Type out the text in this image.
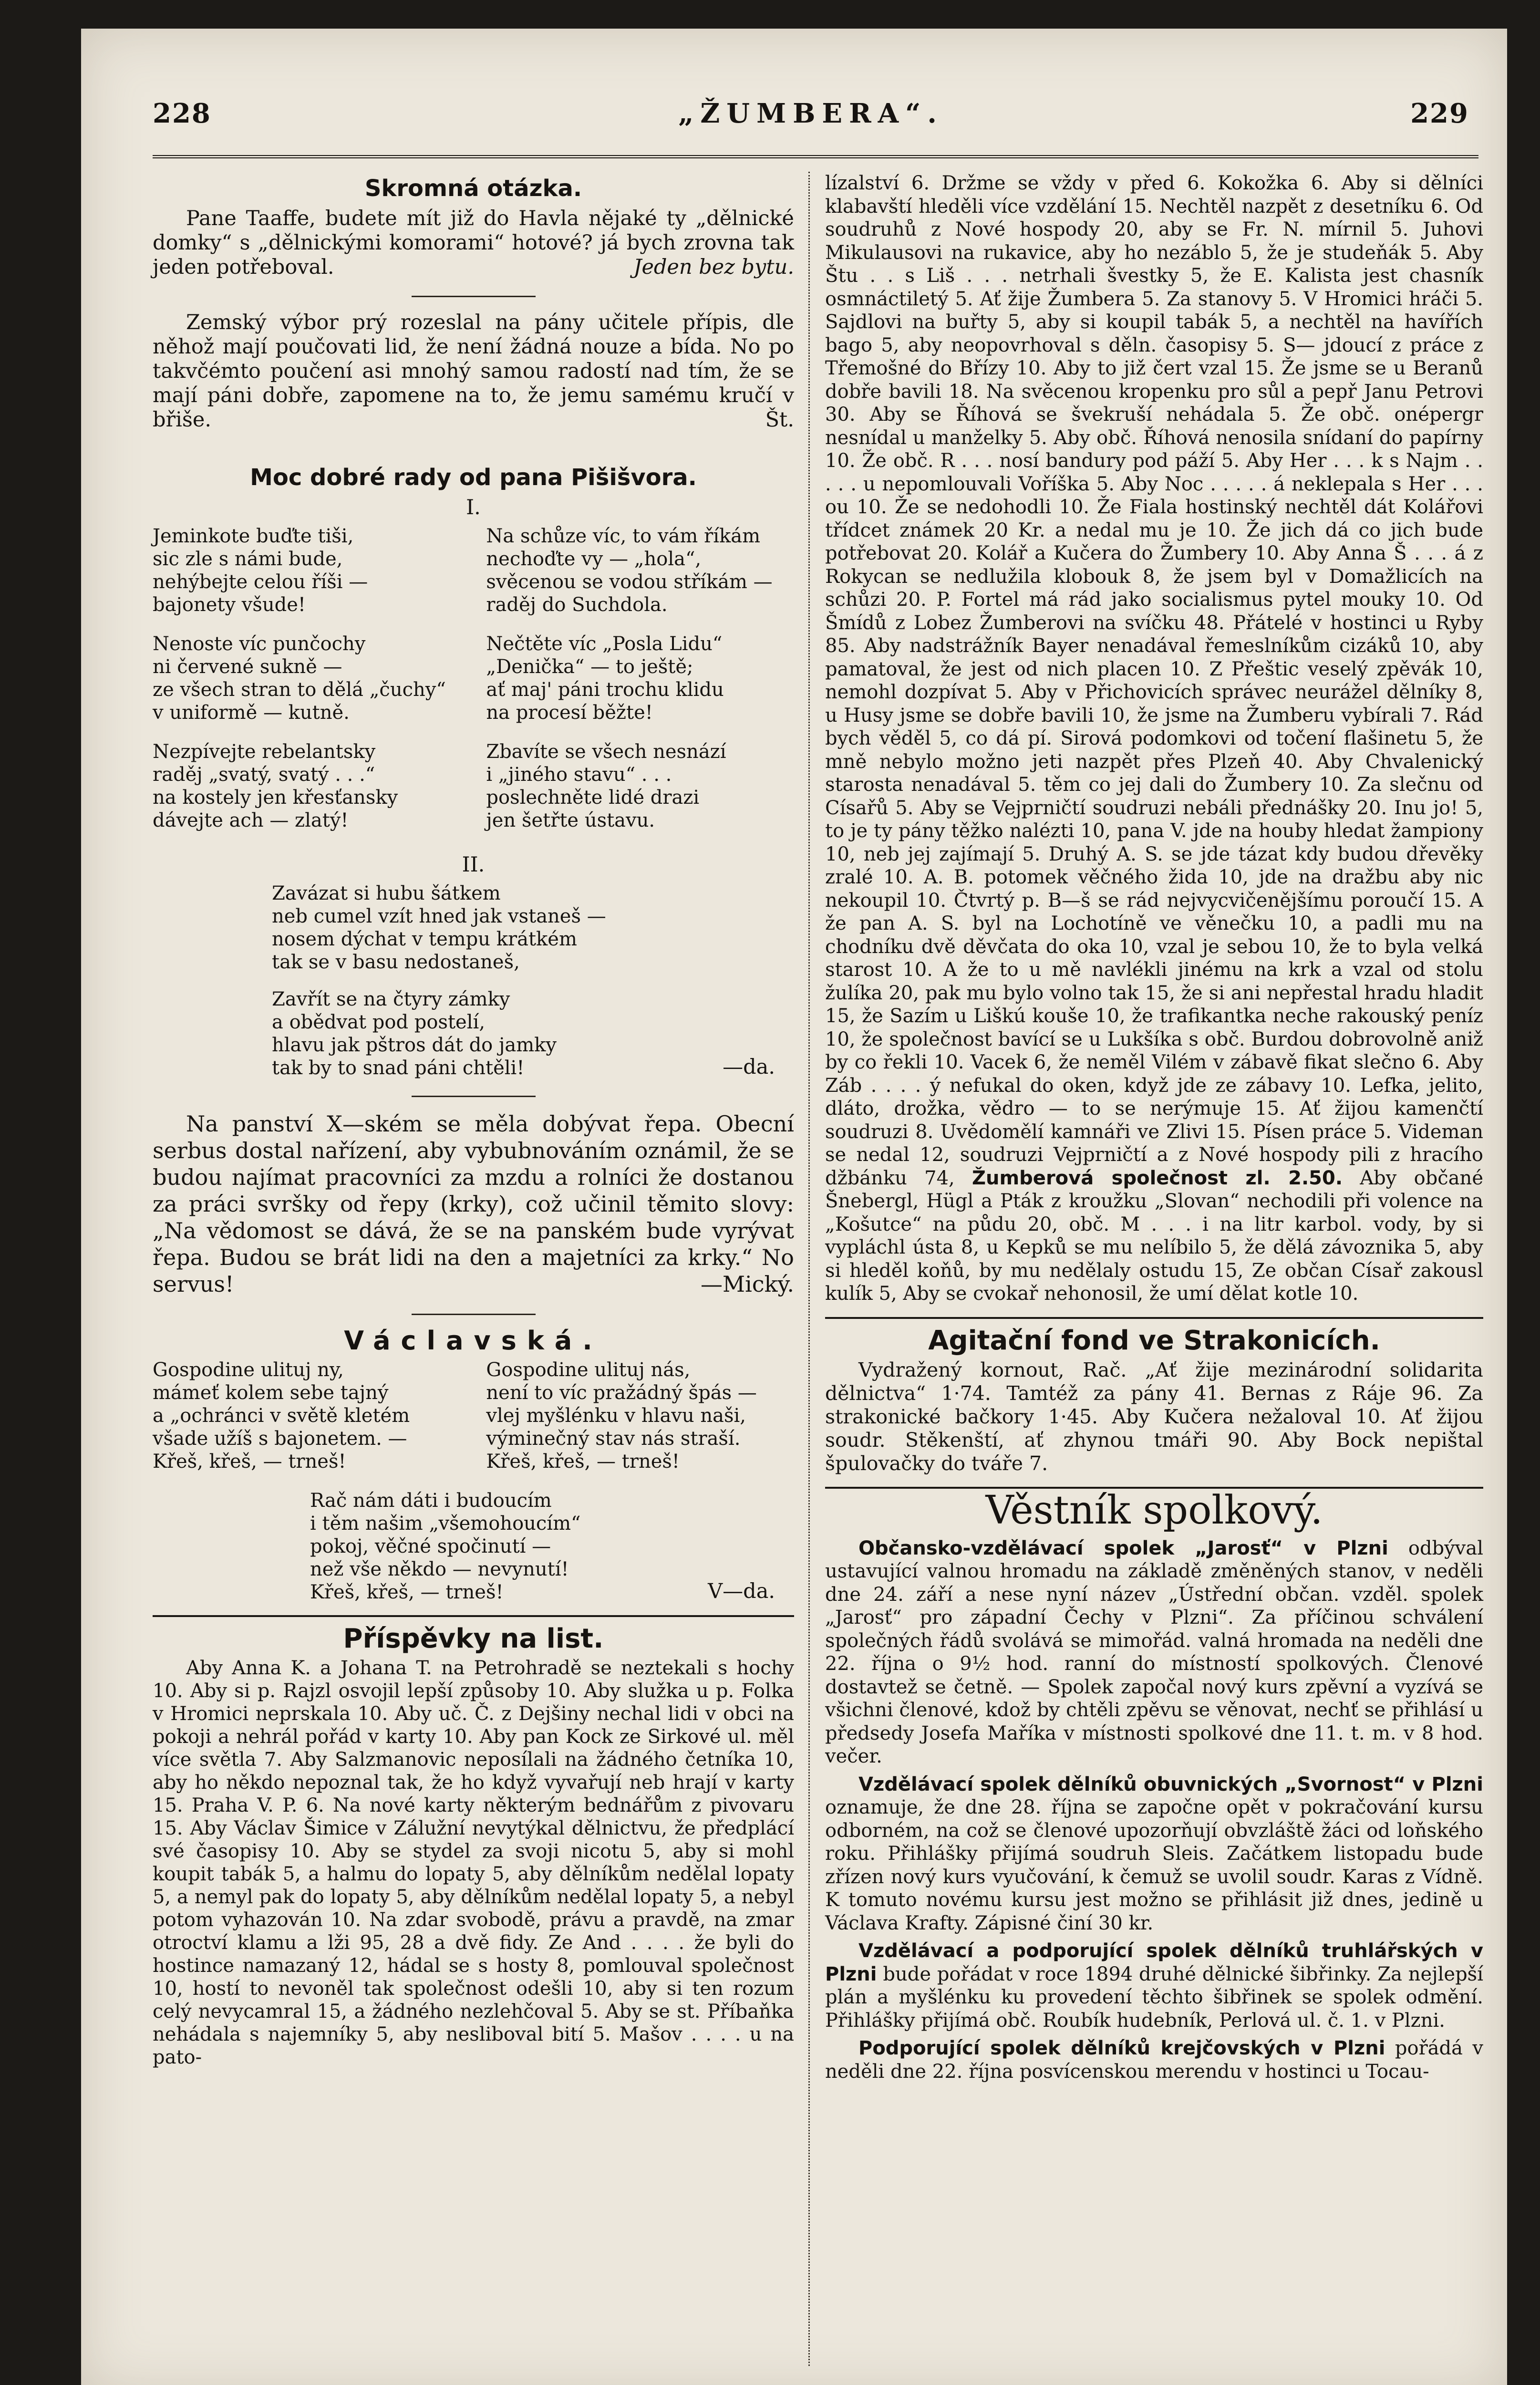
228	„ŽUMBERA“.	229
Skromná otázka.

Pane Taaffe, budete mít již do Havla nějaké ty „dělnické domky“ s „dělnickými komorami“ hotové? já bych zrovna tak jeden potřeboval.	Jeden bez bytu.

Zemský výbor prý rozeslal na pány učitele přípis, dle něhož mají poučovati lid, že není žádná nouze a bída. No po takvčémto poučení asi mnohý samou radostí nad tím, že se mají páni dobře, zapomene na to, že jemu samému kručí v břiše.	Št.

Moc dobré rady od pana Pišišvora.
I.
Jeminkote buďte tiši,
sic zle s námi bude,
nehýbejte celou říši —
bajonety všude!
Nenoste víc punčochy
ni červené sukně —
ze všech stran to dělá „čuchy“
v uniformě — kutně.
Nezpívejte rebelantsky
raděj „svatý, svatý . . .“
na kostely jen křesťansky
dávejte ach — zlatý!
Na schůze víc, to vám říkám
nechoďte vy — „hola“,
svěcenou se vodou stříkám —
raděj do Suchdola.
Nečtěte víc „Posla Lidu“
„Denička“ — to ještě;
ať maj' páni trochu klidu
na procesí běžte!
Zbavíte se všech nesnází
i „jiného stavu“ . . .
poslechněte lidé drazi
jen šetřte ústavu.
II.
Zavázat si hubu šátkem
neb cumel vzít hned jak vstaneš —
nosem dýchat v tempu krátkém
tak se v basu nedostaneš,
Zavřít se na čtyry zámky
a obědvat pod postelí,
hlavu jak pštros dát do jamky
tak by to snad páni chtěli!	—da.

Na panství X—ském se měla dobývat řepa. Obecní serbus dostal nařízení, aby vybubnováním oznámil, že se budou najímat pracovníci za mzdu a rolníci že dostanou za práci svršky od řepy (krky), což učinil těmito slovy: „Na vědomost se dává, že se na panském bude vyrývat řepa. Budou se brát lidi na den a majetníci za krky.“ No servus!	—Mický.

Václavská.
Gospodine ulituj ny,
mámeť kolem sebe tajný
a „ochránci v světě kletém
všade užíš s bajonetem. —
Křeš, křeš, — trneš!
Gospodine ulituj nás,
není to víc pražádný špás —
vlej myšlénku v hlavu naši,
výminečný stav nás straší.
Křeš, křeš, — trneš!
Rač nám dáti i budoucím
i těm našim „všemohoucím“
pokoj, věčné spočinutí —
než vše někdo — nevynutí!
Křeš, křeš, — trneš!	V—da.
Příspěvky na list.

Aby Anna K. a Johana T. na Petrohradě se neztekali s hochy 10. Aby si p. Rajzl osvojil lepší způsoby 10. Aby služka u p. Folka v Hromici neprskala 10. Aby uč. Č. z Dejšiny nechal lidi v obci na pokoji a nehrál pořád v karty 10. Aby pan Kock ze Sirkové ul. měl více světla 7. Aby Salzmanovic neposílali na žádného četníka 10, aby ho někdo nepoznal tak, že ho když vyvařují neb hrají v karty 15. Praha V. P. 6. Na nové karty některým bednářům z pivovaru 15. Aby Václav Šimice v Zálužní nevytýkal dělnictvu, že předplácí své časopisy 10. Aby se stydel za svoji nicotu 5, aby si mohl koupit tabák 5, a halmu do lopaty 5, aby dělníkům nedělal lopaty 5, a nemyl pak do lopaty 5, aby dělníkům nedělal lopaty 5, a nebyl potom vyhazován 10. Na zdar svobodě, právu a pravdě, na zmar otroctví klamu a lži 95, 28 a dvě fidy. Ze And . . . . že byli do hostince namazaný 12, hádal se s hosty 8, pomlouval společnost 10, hostí to nevoněl tak společnost odešli 10, aby si ten rozum celý nevycamral 15, a žádného nezlehčoval 5. Aby se st. Příbaňka nehádala s najemníky 5, aby nesliboval bití 5. Mašov . . . . u na pato-

lízalství 6. Držme se vždy v před 6. Kokožka 6. Aby si dělníci klabavští hleděli více vzdělání 15. Nechtěl nazpět z desetníku 6. Od soudruhů z Nové hospody 20, aby se Fr. N. mírnil 5. Juhovi Mikulausovi na rukavice, aby ho nezáblo 5, že je studeňák 5. Aby Štu . . s Liš . . . netrhali švestky 5, že E. Kalista jest chasník osmnáctiletý 5. Ať žije Žumbera 5. Za stanovy 5. V Hromici hráči 5. Sajdlovi na buřty 5, aby si koupil tabák 5, a nechtěl na havířích bago 5, aby neopovrhoval s děln. časopisy 5. S— jdoucí z práce z Třemošné do Břízy 10. Aby to již čert vzal 15. Že jsme se u Beranů dobře bavili 18. Na svěcenou kropenku pro sůl a pepř Janu Petrovi 30. Aby se Říhová se švekruší nehádala 5. Že obč. onépergr nesnídal u manželky 5. Aby obč. Říhová nenosila snídaní do papírny 10. Že obč. R . . . nosí bandury pod páží 5. Aby Her . . . k s Najm . . . . . u nepomlouvali Voříška 5. Aby Noc . . . . . á neklepala s Her . . . ou 10. Že se nedohodli 10. Že Fiala hostinský nechtěl dát Kolářovi třídcet známek 20 Kr. a nedal mu je 10. Že jich dá co jich bude potřebovat 20. Kolář a Kučera do Žumbery 10. Aby Anna Š . . . á z Rokycan se nedlužila klobouk 8, že jsem byl v Domažlicích na schůzi 20. P. Fortel má rád jako socialismus pytel mouky 10. Od Šmídů z Lobez Žumberovi na svíčku 48. Přátelé v hostinci u Ryby 85. Aby nadstrážník Bayer nenadával řemeslníkům cizáků 10, aby pamatoval, že jest od nich placen 10. Z Přeštic veselý zpěvák 10, nemohl dozpívat 5. Aby v Přichovicích správec neurážel dělníky 8, u Husy jsme se dobře bavili 10, že jsme na Žumberu vybírali 7. Rád bych věděl 5, co dá pí. Sirová podomkovi od točení flašinetu 5, že mně nebylo možno jeti nazpět přes Plzeň 40. Aby Chvalenický starosta nenadával 5. těm co jej dali do Žumbery 10. Za slečnu od Císařů 5. Aby se Vejprničtí soudruzi nebáli přednášky 20. Inu jo! 5, to je ty pány těžko nalézti 10, pana V. jde na houby hledat žampiony 10, neb jej zajímají 5. Druhý A. S. se jde tázat kdy budou dřevěky zralé 10. A. B. potomek věčného žida 10, jde na dražbu aby nic nekoupil 10. Čtvrtý p. B—š se rád nejvycvičenějšímu poroučí 15. A že pan A. S. byl na Lochotíně ve věnečku 10, a padli mu na chodníku dvě děvčata do oka 10, vzal je sebou 10, že to byla velká starost 10. A že to u mě navlékli jinému na krk a vzal od stolu žulíka 20, pak mu bylo volno tak 15, že si ani nepřestal hradu hladit 15, že Sazím u Liškú kouše 10, že trafikantka neche rakouský peníz 10, že společnost bavící se u Lukšíka s obč. Burdou dobrovolně aniž by co řekli 10. Vacek 6, že neměl Vilém v zábavě fikat slečno 6. Aby Záb . . . . ý nefukal do oken, když jde ze zábavy 10. Lefka, jelito, dláto, drožka, vědro — to se nerýmuje 15. Ať žijou kamenčtí soudruzi 8. Uvědomělí kamnáři ve Zlivi 15. Písen práce 5. Videman se nedal 12, soudruzi Vejprničtí a z Nové hospody pili z hracího džbánku 74, Žumberová společnost zl. 2.50. Aby občané Šnebergl, Hügl a Pták z kroužku „Slovan“ nechodili při volence na „Košutce“ na půdu 20, obč. M . . . i na litr karbol. vody, by si vypláchl ústa 8, u Kepků se mu nelíbilo 5, že dělá závoznika 5, aby si hleděl koňů, by mu nedělaly ostudu 15, Ze občan Císař zakousl kulík 5, Aby se cvokař nehonosil, že umí dělat kotle 10.

Agitační fond ve Strakonicích.

Vydražený kornout, Rač. „Ať žije mezinárodní solidarita dělnictva“ 1·74. Tamtéž za pány 41. Bernas z Ráje 96. Za strakonické bačkory 1·45. Aby Kučera nežaloval 10. Ať žijou soudr. Stěkenští, ať zhynou tmáři 90. Aby Bock nepištal špulovačky do tváře 7.

Věstník spolkový.

Občansko-vzdělávací spolek „Jarosť“ v Plzni odbýval ustavující valnou hromadu na základě změněných stanov, v neděli dne 24. září a nese nyní název „Ústřední občan. vzděl. spolek „Jarosť“ pro západní Čechy v Plzni“. Za příčinou schválení společných řádů svolává se mimořád. valná hromada na neděli dne 22. října o 9½ hod. ranní do místností spolkových. Členové dostavtež se četně. — Spolek započal nový kurs zpěvní a vyzívá se všichni členové, kdož by chtěli zpěvu se věnovat, nechť se přihlásí u předsedy Josefa Maříka v místnosti spolkové dne 11. t. m. v 8 hod. večer.

Vzdělávací spolek dělníků obuvnických „Svornost“ v Plzni oznamuje, že dne 28. října se započne opět v pokračování kursu odborném, na což se členové upozorňují obvzláště žáci od loňského roku. Přihlášky přijímá soudruh Sleis. Začátkem listopadu bude zřízen nový kurs vyučování, k čemuž se uvolil soudr. Karas z Vídně. K tomuto novému kursu jest možno se přihlásit již dnes, jedině u Václava Krafty. Zápisné činí 30 kr.

Vzdělávací a podporující spolek dělníků truhlářských v Plzni bude pořádat v roce 1894 druhé dělnické šibřinky. Za nejlepší plán a myšlénku ku provedení těchto šibřinek se spolek odmění. Přihlášky přijímá obč. Roubík hudebník, Perlová ul. č. 1. v Plzni.

Podporující spolek dělníků krejčovských v Plzni pořádá v neděli dne 22. října posvícenskou merendu v hostinci u Tocau-
